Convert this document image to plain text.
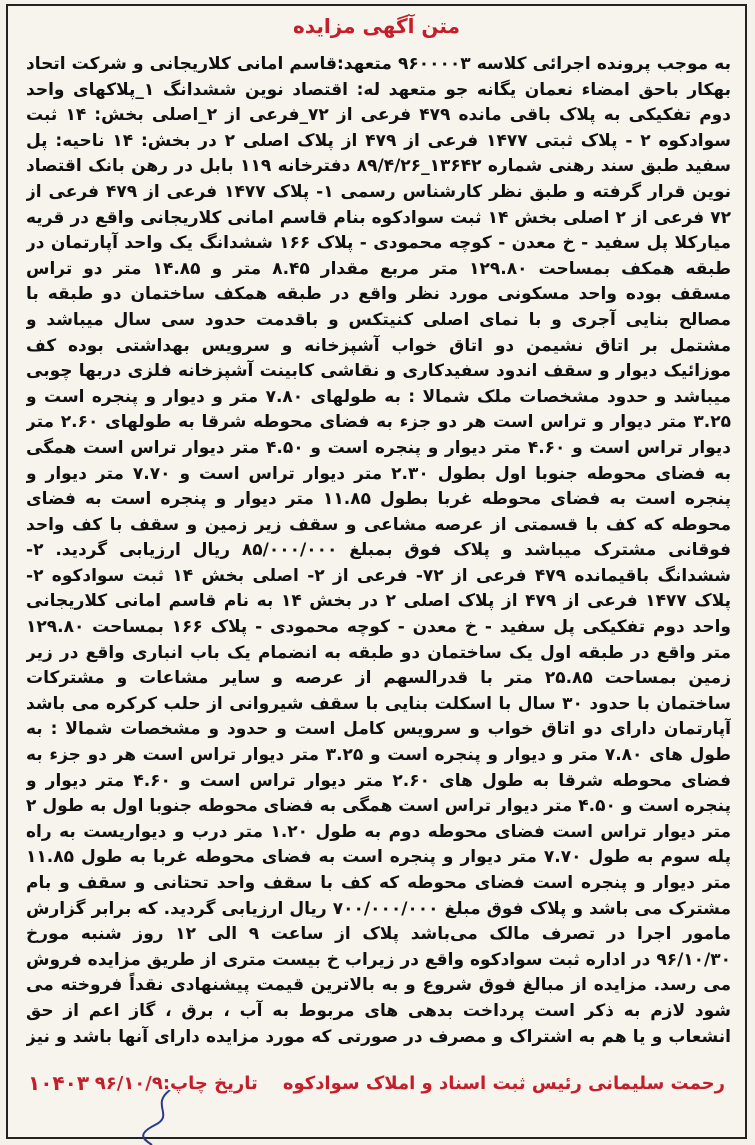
متن آگهی مزایده
به موجب پرونده اجرائی کلاسه ۹۶۰۰۰۰۳ متعهد:قاسم امانی کلاریجانی و شرکت اتحاد بهکار باحق امضاء نعمان یگانه جو متعهد له: اقتصاد نوین ششدانگ ۱_پلاکهای واحد دوم تفکیکی به پلاک باقی مانده ۴۷۹ فرعی از ۷۲_فرعی از ۲_اصلی بخش: ۱۴ ثبت سوادکوه ۲ - پلاک ثبتی ۱۴۷۷ فرعی از ۴۷۹ از پلاک اصلی ۲ در بخش: ۱۴ ناحیه: پل سفید طبق سند رهنی شماره ۱۳۶۴۲_۸۹/۴/۲۶ دفترخانه ۱۱۹ بابل در رهن بانک اقتصاد نوین قرار گرفته و طبق نظر کارشناس رسمی ۱- پلاک ۱۴۷۷ فرعی از ۴۷۹ فرعی از ۷۲ فرعی از ۲ اصلی بخش ۱۴ ثبت سوادکوه بنام قاسم امانی کلاریجانی واقع در قریه میارکلا پل سفید - خ معدن - کوچه محمودی - پلاک ۱۶۶ ششدانگ یک واحد آپارتمان در طبقه همکف بمساحت ۱۲۹.۸۰ متر مربع مقدار ۸.۴۵ متر و ۱۴.۸۵ متر دو تراس مسقف بوده واحد مسکونی مورد نظر واقع در طبقه همکف ساختمان دو طبقه با مصالح بنایی آجری و با نمای اصلی کنیتکس و باقدمت حدود سی سال میباشد و مشتمل بر اتاق نشیمن دو اتاق خواب آشپزخانه و سرویس بهداشتی بوده کف موزائیک دیوار و سقف اندود سفیدکاری و نقاشی کابینت آشپزخانه فلزی دربها چوبی میباشد و حدود مشخصات ملک شمالا : به طولهای ۷.۸۰ متر و دیوار و پنجره است و ۳.۲۵ متر دیوار و تراس است هر دو جزء به فضای محوطه شرقا به طولهای ۲.۶۰ متر دیوار تراس است و ۴.۶۰ متر دیوار و پنجره است و ۴.۵۰ متر دیوار تراس است همگی به فضای محوطه جنوبا اول بطول ۲.۳۰ متر دیوار تراس است و ۷.۷۰ متر دیوار و پنجره است به فضای محوطه غربا بطول ۱۱.۸۵ متر دیوار و پنجره است به فضای محوطه که کف با قسمتی از عرصه مشاعی و سقف زیر زمین و سقف با کف واحد فوقانی مشترک میباشد و پلاک فوق بمبلغ ۸۵/۰۰۰/۰۰۰ ریال ارزیابی گردید. ۲- ششدانگ باقیمانده ۴۷۹ فرعی از ۷۲- فرعی از ۲- اصلی بخش ۱۴ ثبت سوادکوه ۲- پلاک ۱۴۷۷ فرعی از ۴۷۹ از پلاک اصلی ۲ در بخش ۱۴ به نام قاسم امانی کلاریجانی واحد دوم تفکیکی پل سفید - خ معدن - کوچه محمودی - پلاک ۱۶۶ بمساحت ۱۲۹.۸۰ متر واقع در طبقه اول یک ساختمان دو طبقه به انضمام یک باب انباری واقع در زیر زمین بمساحت ۲۵.۸۵ متر با قدرالسهم از عرصه و سایر مشاعات و مشترکات ساختمان با حدود ۳۰ سال با اسکلت بنایی با سقف شیروانی از حلب کرکره می باشد آپارتمان دارای دو اتاق خواب و سرویس کامل است و حدود و مشخصات شمالا : به طول های ۷.۸۰ متر و دیوار و پنجره است و ۳.۲۵ متر دیوار تراس است هر دو جزء به فضای محوطه شرقا به طول های ۲.۶۰ متر دیوار تراس است و ۴.۶۰ متر دیوار و پنجره است و ۴.۵۰ متر دیوار تراس است همگی به فضای محوطه جنوبا اول به طول ۲ متر دیوار تراس است فضای محوطه دوم به طول ۱.۲۰ متر درب و دیواریست به راه پله سوم به طول ۷.۷۰ متر دیوار و پنجره است به فضای محوطه غربا به طول ۱۱.۸۵ متر دیوار و پنجره است فضای محوطه که کف با سقف واحد تحتانی و سقف و بام مشترک می باشد و پلاک فوق مبلغ ۷۰۰/۰۰۰/۰۰۰ ریال ارزیابی گردید. که برابر گزارش مامور اجرا در تصرف مالک می‌باشد پلاک از ساعت ۹ الی ۱۲ روز شنبه مورخ ۹۶/۱۰/۳۰ در اداره ثبت سوادکوه واقع در زیراب خ بیست متری از طریق مزایده فروش می رسد. مزایده از مبالغ فوق شروع و به بالاترین قیمت پیشنهادی نقداً فروخته می شود لازم به ذکر است پرداخت بدهی های مربوط به آب ، برق ، گاز اعم از حق انشعاب و یا هم به اشتراک و مصرف در صورتی که مورد مزایده دارای آنها باشد و نیز
۱۰۴۰۳	رحمت سلیمانی رئیس ثبت اسناد و املاک سوادکوه    تاریخ چاپ:۹۶/۱۰/۹
